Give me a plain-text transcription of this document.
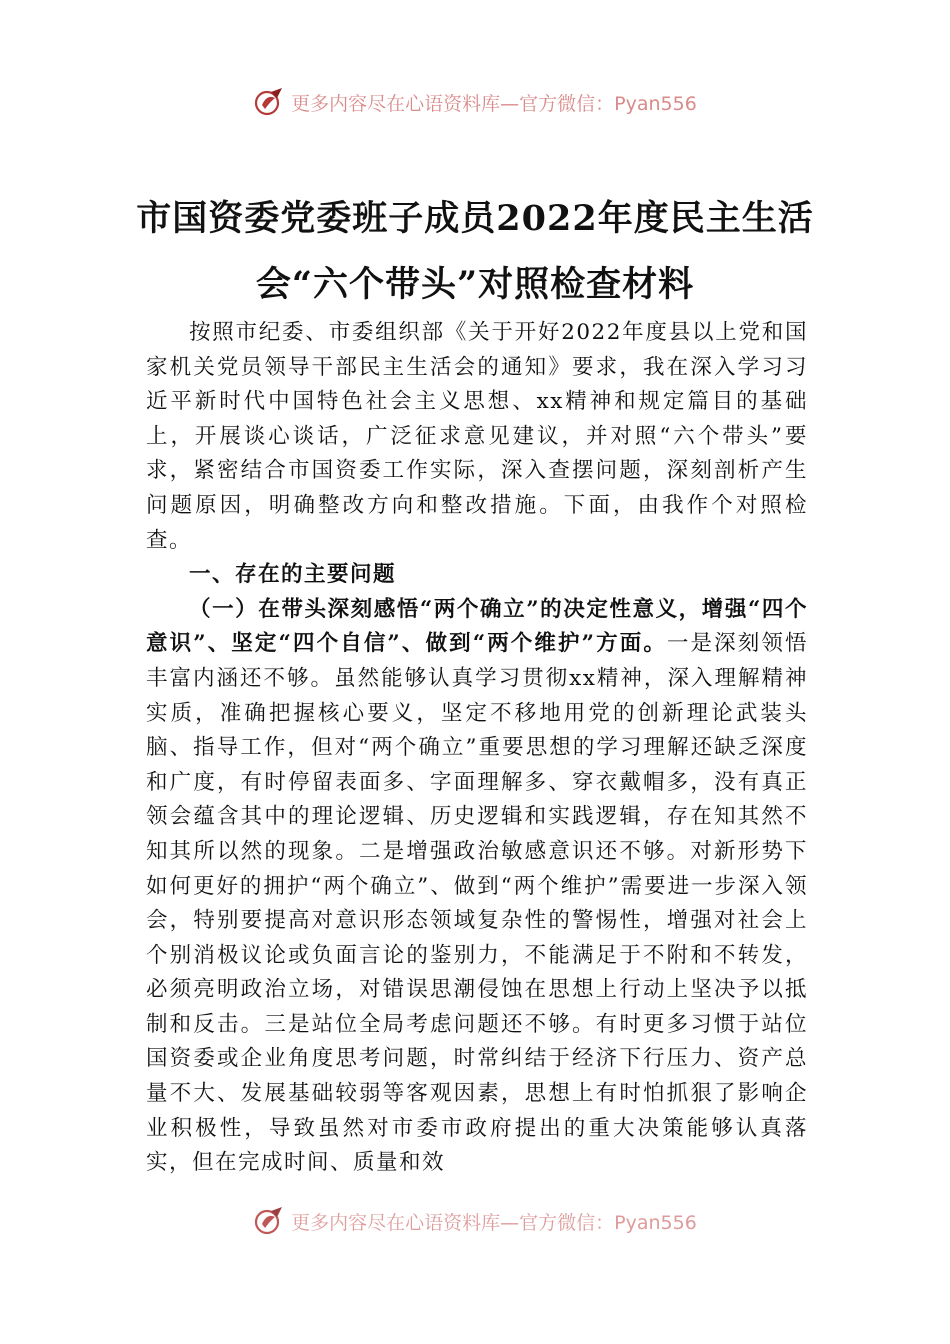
更多内容尽在心语资料库—官方微信：Pyan556
市国资委党委班子成员2022年度民主生活
会“六个带头”对照检查材料

按照市纪委、市委组织部《关于开好2022年度县以上党和国家机关党员领导干部民主生活会的通知》要求，我在深入学习习近平新时代中国特色社会主义思想、xx精神和规定篇目的基础上，开展谈心谈话，广泛征求意见建议，并对照“六个带头”要求，紧密结合市国资委工作实际，深入查摆问题，深刻剖析产生问题原因，明确整改方向和整改措施。下面，由我作个对照检查。

一、存在的主要问题

（一）在带头深刻感悟“两个确立”的决定性意义，增强“四个意识”、坚定“四个自信”、做到“两个维护”方面。一是深刻领悟丰富内涵还不够。虽然能够认真学习贯彻xx精神，深入理解精神实质，准确把握核心要义，坚定不移地用党的创新理论武装头脑、指导工作，但对“两个确立”重要思想的学习理解还缺乏深度和广度，有时停留表面多、字面理解多、穿衣戴帽多，没有真正领会蕴含其中的理论逻辑、历史逻辑和实践逻辑，存在知其然不知其所以然的现象。二是增强政治敏感意识还不够。对新形势下如何更好的拥护“两个确立”、做到“两个维护”需要进一步深入领会，特别要提高对意识形态领域复杂性的警惕性，增强对社会上个别消极议论或负面言论的鉴别力，不能满足于不附和不转发，必须亮明政治立场，对错误思潮侵蚀在思想上行动上坚决予以抵制和反击。三是站位全局考虑问题还不够。有时更多习惯于站位国资委或企业角度思考问题，时常纠结于经济下行压力、资产总量不大、发展基础较弱等客观因素，思想上有时怕抓狠了影响企业积极性，导致虽然对市委市政府提出的重大决策能够认真落实，但在完成时间、质量和效

更多内容尽在心语资料库—官方微信：Pyan556
